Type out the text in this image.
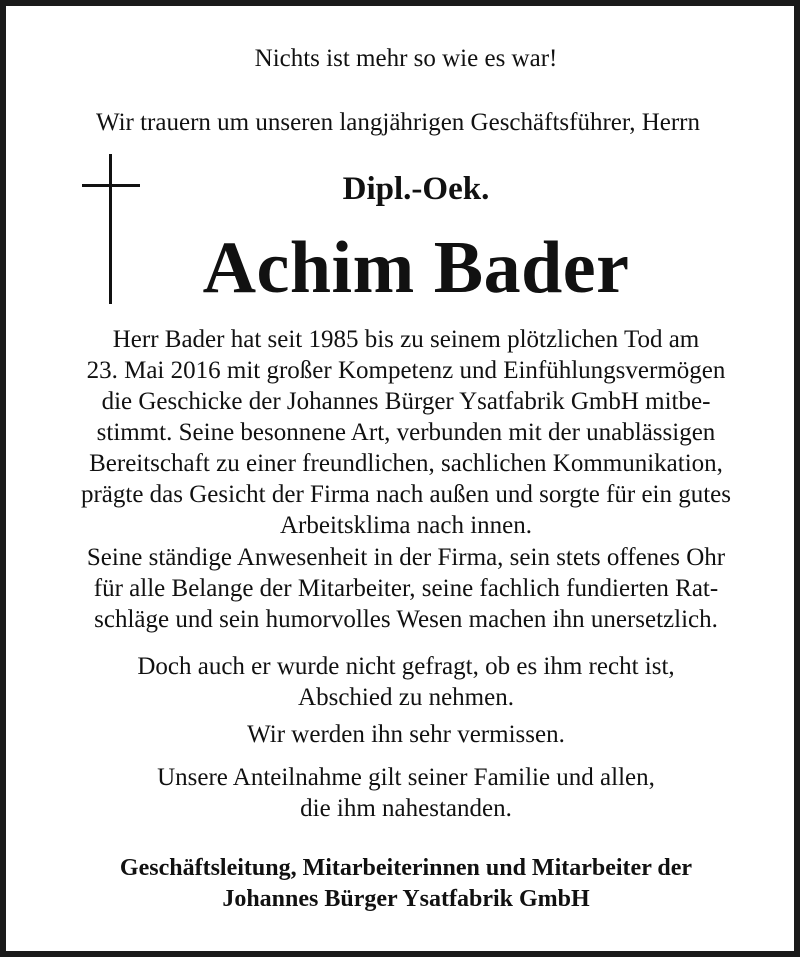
Nichts ist mehr so wie es war!
Wir trauern um unseren langjährigen Geschäftsführer, Herrn
Dipl.-Oek.
Achim Bader
Herr Bader hat seit 1985 bis zu seinem plötzlichen Tod am
23. Mai 2016 mit großer Kompetenz und Einfühlungsvermögen
die Geschicke der Johannes Bürger Ysatfabrik GmbH mitbe-
stimmt. Seine besonnene Art, verbunden mit der unablässigen
Bereitschaft zu einer freundlichen, sachlichen Kommunikation,
prägte das Gesicht der Firma nach außen und sorgte für ein gutes
Arbeitsklima nach innen.
Seine ständige Anwesenheit in der Firma, sein stets offenes Ohr
für alle Belange der Mitarbeiter, seine fachlich fundierten Rat-
schläge und sein humorvolles Wesen machen ihn unersetzlich.
Doch auch er wurde nicht gefragt, ob es ihm recht ist,
Abschied zu nehmen.
Wir werden ihn sehr vermissen.
Unsere Anteilnahme gilt seiner Familie und allen,
die ihm nahestanden.
Geschäftsleitung, Mitarbeiterinnen und Mitarbeiter der
Johannes Bürger Ysatfabrik GmbH
